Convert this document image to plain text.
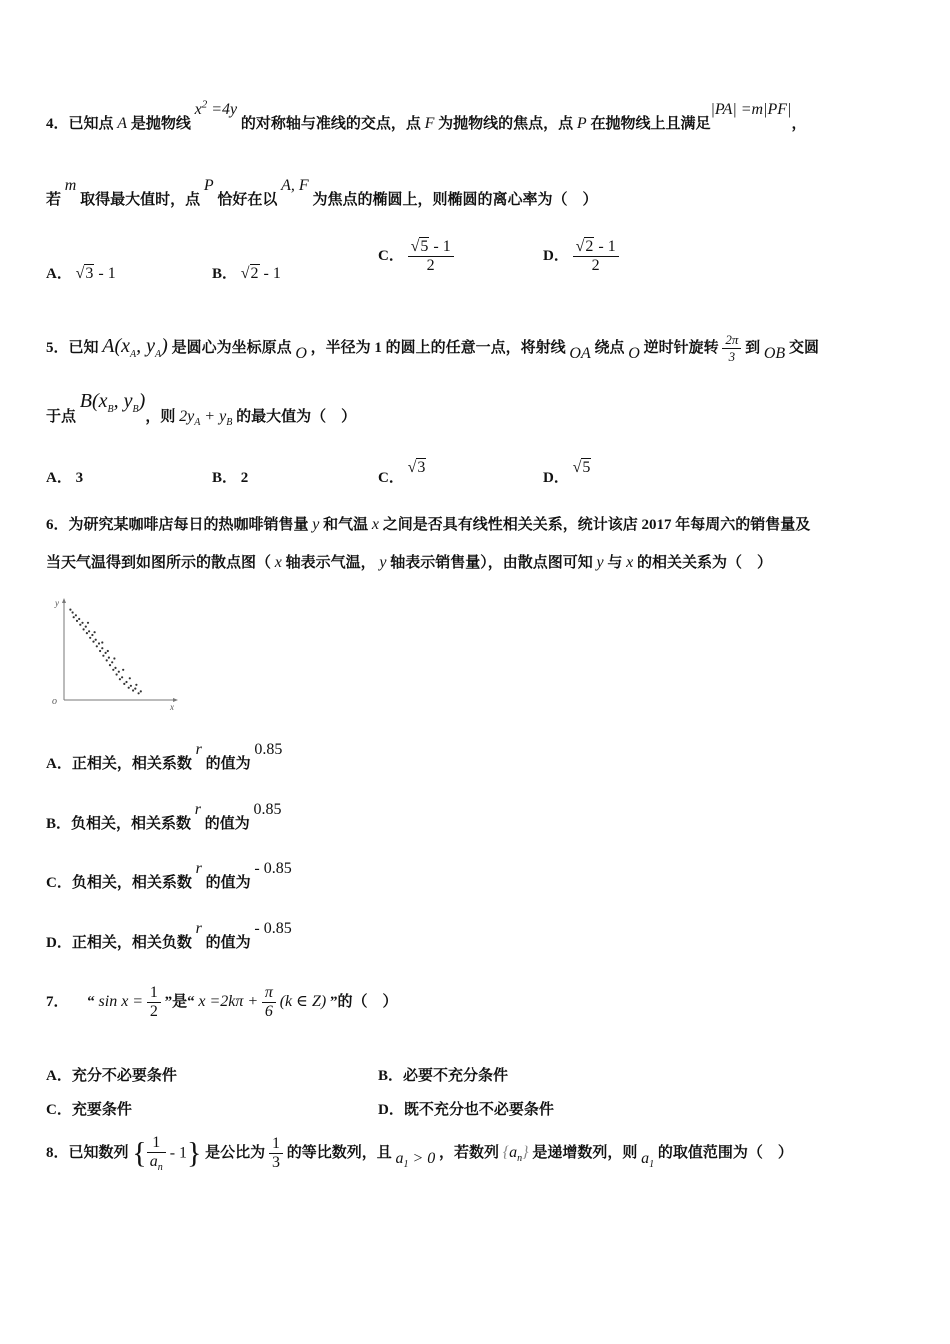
4．已知点 A 是抛物线 $x^2 =4y$ 的对称轴与准线的交点，点 F 为抛物线的焦点，点 P 在抛物线上且满足|PA| =m|PF|，
若 m 取得最大值时，点 P 恰好在以 A, F 为焦点的椭圆上，则椭圆的离心率为（　）
A． √3 - 1	B． √2 - 1
C． $\frac{√5 - 1}{2}$	D． $\frac{√2 - 1}{2}$
5．已知 $A(x_A$, $y_A$) 是圆心为坐标原点 O ，半径为 1 的圆上的任意一点，将射线 OA 绕点 O 逆时针旋转 $\frac{2\pi}{3}$ 到 OB 交圆
于点 $B(x_B$, $y_B$)，则 $2y_A + y_B$ 的最大值为（　）
A． 3	B． 2	C． √3
D． √5
6．为研究某咖啡店每日的热咖啡销售量 y 和气温 x 之间是否具有线性相关关系，统计该店 2017 年每周六的销售量及
当天气温得到如图所示的散点图（ x 轴表示气温， y 轴表示销售量），由散点图可知 y 与 x 的相关关系为（　）
y
o	x
A．正相关，相关系数 r 的值为 0.85
B．负相关，相关系数 r 的值为 0.85
C．负相关，相关系数 r 的值为 - 0.85
D．正相关，相关负数 r 的值为 - 0.85
7． “ $\sin x = \frac{1}{2}$ ”是“ $x =2k\pi + \frac{\pi}{6} (k$ ∈ Z) ”的（　）
A．充分不必要条件	B．必要不充分条件
C．充要条件	D．既不充分也不必要条件
8．已知数列 { $\frac{1}{a_n} - 1$} 是公比为 $\frac{1}{3}$ 的等比数列，且 $a_1 > 0$ ，若数列 $\{a_n\}$ 是递增数列，则 $a_1$ 的取值范围为（　）
